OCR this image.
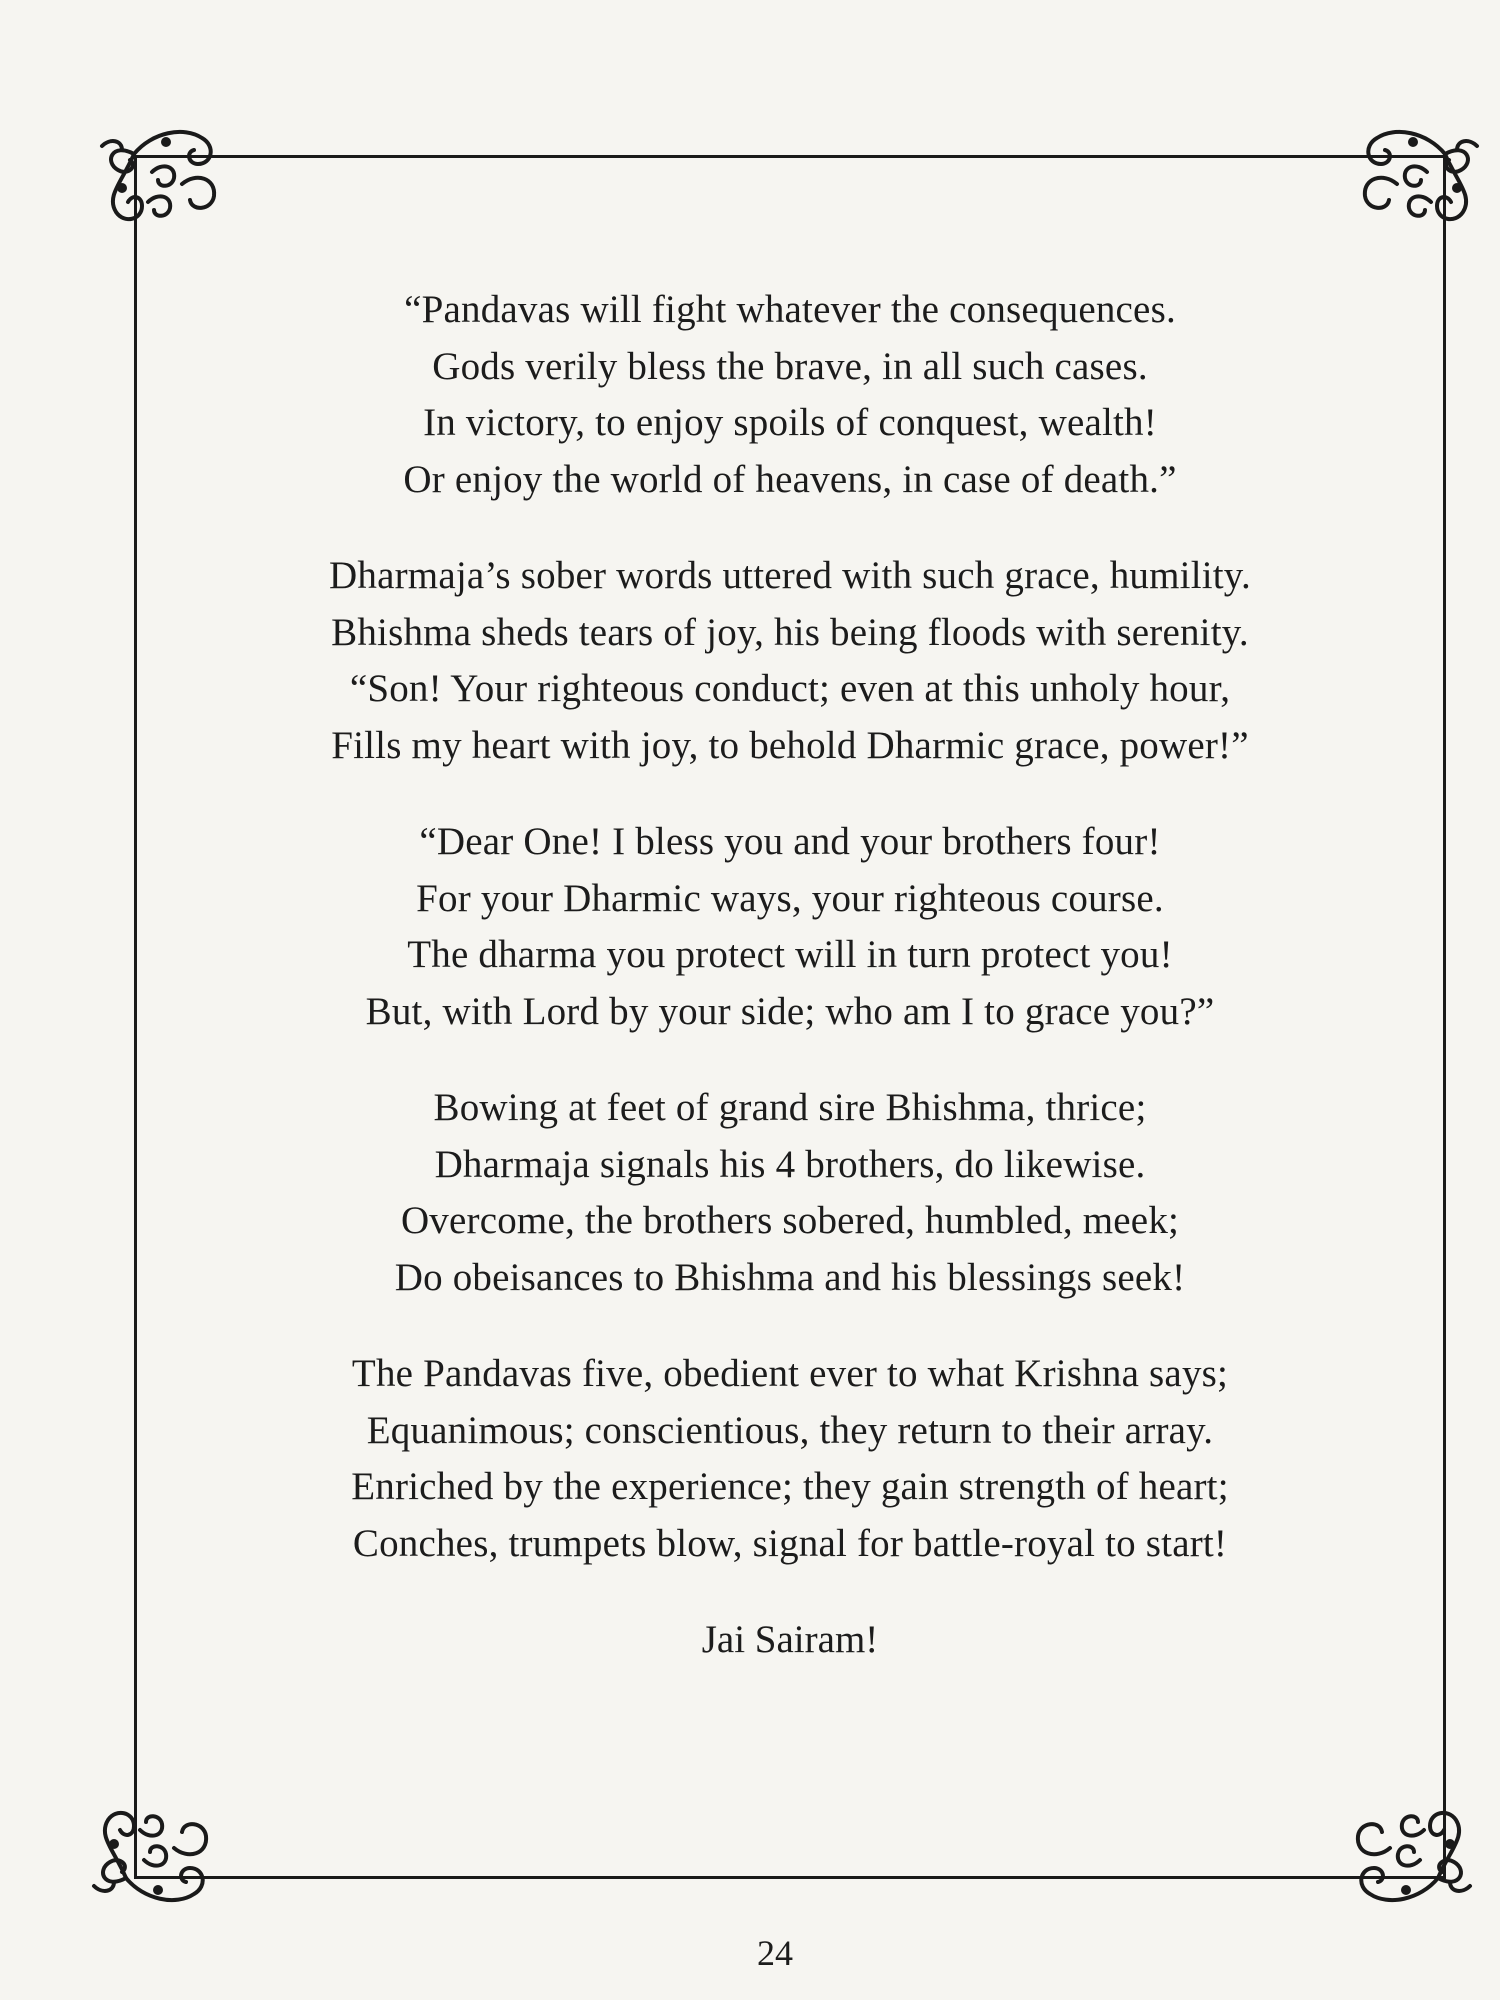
“Pandavas will fight whatever the consequences.
Gods verily bless the brave, in all such cases.
In victory, to enjoy spoils of conquest, wealth!
Or enjoy the world of heavens, in case of death.”
Dharmaja’s sober words uttered with such grace, humility.
Bhishma sheds tears of joy, his being floods with serenity.
“Son! Your righteous conduct; even at this unholy hour,
Fills my heart with joy, to behold Dharmic grace, power!”
“Dear One! I bless you and your brothers four!
For your Dharmic ways, your righteous course.
The dharma you protect will in turn protect you!
But, with Lord by your side; who am I to grace you?”
Bowing at feet of grand sire Bhishma, thrice;
Dharmaja signals his 4 brothers, do likewise.
Overcome, the brothers sobered, humbled, meek;
Do obeisances to Bhishma and his blessings seek!
The Pandavas five, obedient ever to what Krishna says;
Equanimous; conscientious, they return to their array.
Enriched by the experience; they gain strength of heart;
Conches, trumpets blow, signal for battle-royal to start!
Jai Sairam!
24
